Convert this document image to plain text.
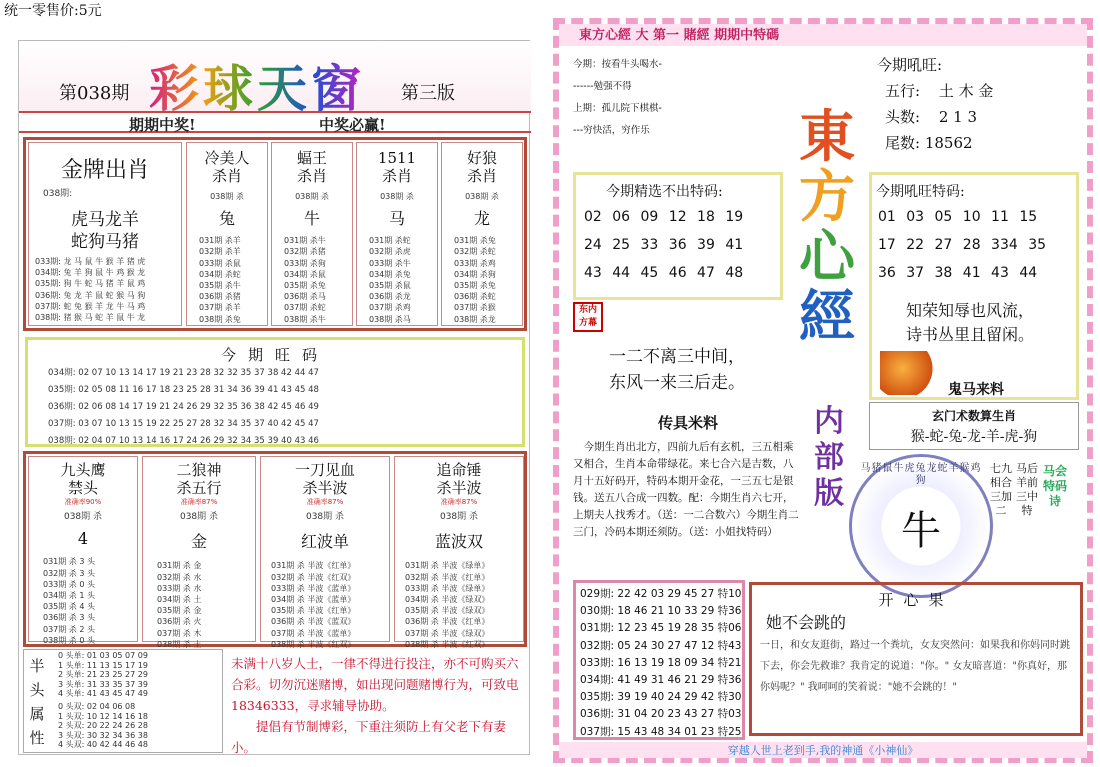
统一零售价:5元
第038期 彩球天窗 第三版
期期中奖!	中奖必赢!
金牌出肖
038期:
虎马龙羊
蛇狗马猪
033期: 龙 马 鼠 牛 猴 羊 猪 虎
034期: 兔 羊 狗 鼠 牛 鸡 猴 龙
035期: 狗 牛 蛇 马 猪 羊 鼠 鸡
036期: 兔 龙 羊 鼠 蛇 猴 马 狗
037期: 蛇 兔 猴 羊 龙 牛 马 鸡
038期: 猪 猴 马 蛇 羊 鼠 牛 龙
冷美人
杀肖
038期 杀
兔
031期 杀羊
032期 杀羊
033期 杀鼠
034期 杀蛇
035期 杀牛
036期 杀猪
037期 杀羊
038期 杀兔
蝠王
杀肖
038期 杀
牛
031期 杀牛
032期 杀猪
033期 杀狗
034期 杀鼠
035期 杀兔
036期 杀马
037期 杀蛇
038期 杀牛
1511
杀肖
038期 杀
马
031期 杀蛇
032期 杀虎
033期 杀牛
034期 杀兔
035期 杀鼠
036期 杀龙
037期 杀鸡
038期 杀马
好狼
杀肖
038期 杀
龙
031期 杀兔
032期 杀蛇
033期 杀鸡
034期 杀狗
035期 杀兔
036期 杀蛇
037期 杀猴
038期 杀龙
今期旺码
034期: 02 07 10 13 14 17 19 21 23 28 32 32 35 37 38 42 44 47
035期: 02 05 08 11 16 17 18 23 25 28 31 34 36 39 41 43 45 48
036期: 02 06 08 14 17 19 21 24 26 29 32 35 36 38 42 45 46 49
037期: 03 07 10 13 15 19 22 25 27 28 32 34 35 37 40 42 45 47
038期: 02 04 07 10 13 14 16 17 24 26 29 32 34 35 39 40 43 46
九头鹰
禁头
准确率90%
038期 杀
4
031期 杀 3 头
032期 杀 3 头
033期 杀 0 头
034期 杀 1 头
035期 杀 4 头
036期 杀 3 头
037期 杀 2 头
038期 杀 0 头
二狼神
杀五行
准确率87%
038期 杀
金
031期 杀 金
032期 杀 水
033期 杀 水
034期 杀 土
035期 杀 金
036期 杀 火
037期 杀 木
038期 杀 土
一刀见血
杀半波
准确率87%
038期 杀
红波单
031期 杀 半波《红单》
032期 杀 半波《红双》
033期 杀 半波《蓝单》
034期 杀 半波《蓝单》
035期 杀 半波《红单》
036期 杀 半波《蓝双》
037期 杀 半波《蓝单》
038期 杀 半波《红双》
追命锤
杀半波
准确率87%
038期 杀
蓝波双
031期 杀 半波《绿单》
032期 杀 半波《红单》
033期 杀 半波《绿单》
034期 杀 半波《绿双》
035期 杀 半波《绿双》
036期 杀 半波《红单》
037期 杀 半波《绿双》
038期 杀 半波《红双》
半
头
属
性
0 头单: 01 03 05 07 09
1 头单: 11 13 15 17 19
2 头单: 21 23 25 27 29
3 头单: 31 33 35 37 39
4 头单: 41 43 45 47 49
0 头双: 02 04 06 08
1 头双: 10 12 14 16 18
2 头双: 20 22 24 26 28
3 头双: 30 32 34 36 38
4 头双: 40 42 44 46 48
未满十八岁人士，一律不得进行投注，亦不可购买六合彩。切勿沉迷赌博，如出现问题赌博行为，可致电18346333，寻求辅导协助。
提倡有节制博彩，下重注须防上有父老下有妻小。
東方心經 大 第一 賭經 期期中特碼
今期：按看牛头喝水-
------勉强不得
上期：孤儿院下棋棋-
---穷快活，穷作乐	東
方
心
經
内部版
今期吼旺:
五行: 土 木 金
头数: 2 1 3
尾数: 18562
今期精选不出特码:
02 06 09 12 18 19
24 25 33 36 39 41
43 44 45 46 47 48
今期吼旺特码:
01 03 05 10 11 15
17 22 27 28 334 35
36 37 38 41 43 44
知荣知辱也风流，
诗书丛里且留闲。
鬼马来料
玄门术数算生肖
猴-蛇-兔-龙-羊-虎-狗
东内方幕
一二不离三中间，
东风一来三后走。
传具米料
今期生肖出北方，四前九后有玄机，三五相乘又相合，生肖本命带绿花。来七合六是吉数，八月十五好码开，特码本期开金花，一三五七是银钱。送五八合成一四数。配：今期生肖六七开，上期夫人找秀才。（送：一二合数六）今期生肖二三门，冷码本期还须防。（送：小姐找特码）	牛
马猪鼠牛虎兔龙蛇羊猴鸡狗
七九相合三加二
马后羊前三中特
马会特码诗
029期: 22 42 03 29 45 27 特10
030期: 18 46 21 10 33 29 特36
031期: 12 23 45 19 28 35 特06
032期: 05 24 30 27 47 12 特43
033期: 16 13 19 18 09 34 特21
034期: 41 49 31 46 21 29 特36
035期: 39 19 40 24 29 42 特30
036期: 31 04 20 23 43 27 特03
037期: 15 43 48 34 01 23 特25
开心果
她不会跳的
一日，和女友逛街，路过一个粪坑，女友突然问：如果我和你妈同时跳下去，你会先救谁？我肯定的说道："你。" 女友暗喜道："你真好，那你妈呢？" 我呵呵的笑着说："她不会跳的！"
穿越人世上老到手,我的神通《小神仙》
